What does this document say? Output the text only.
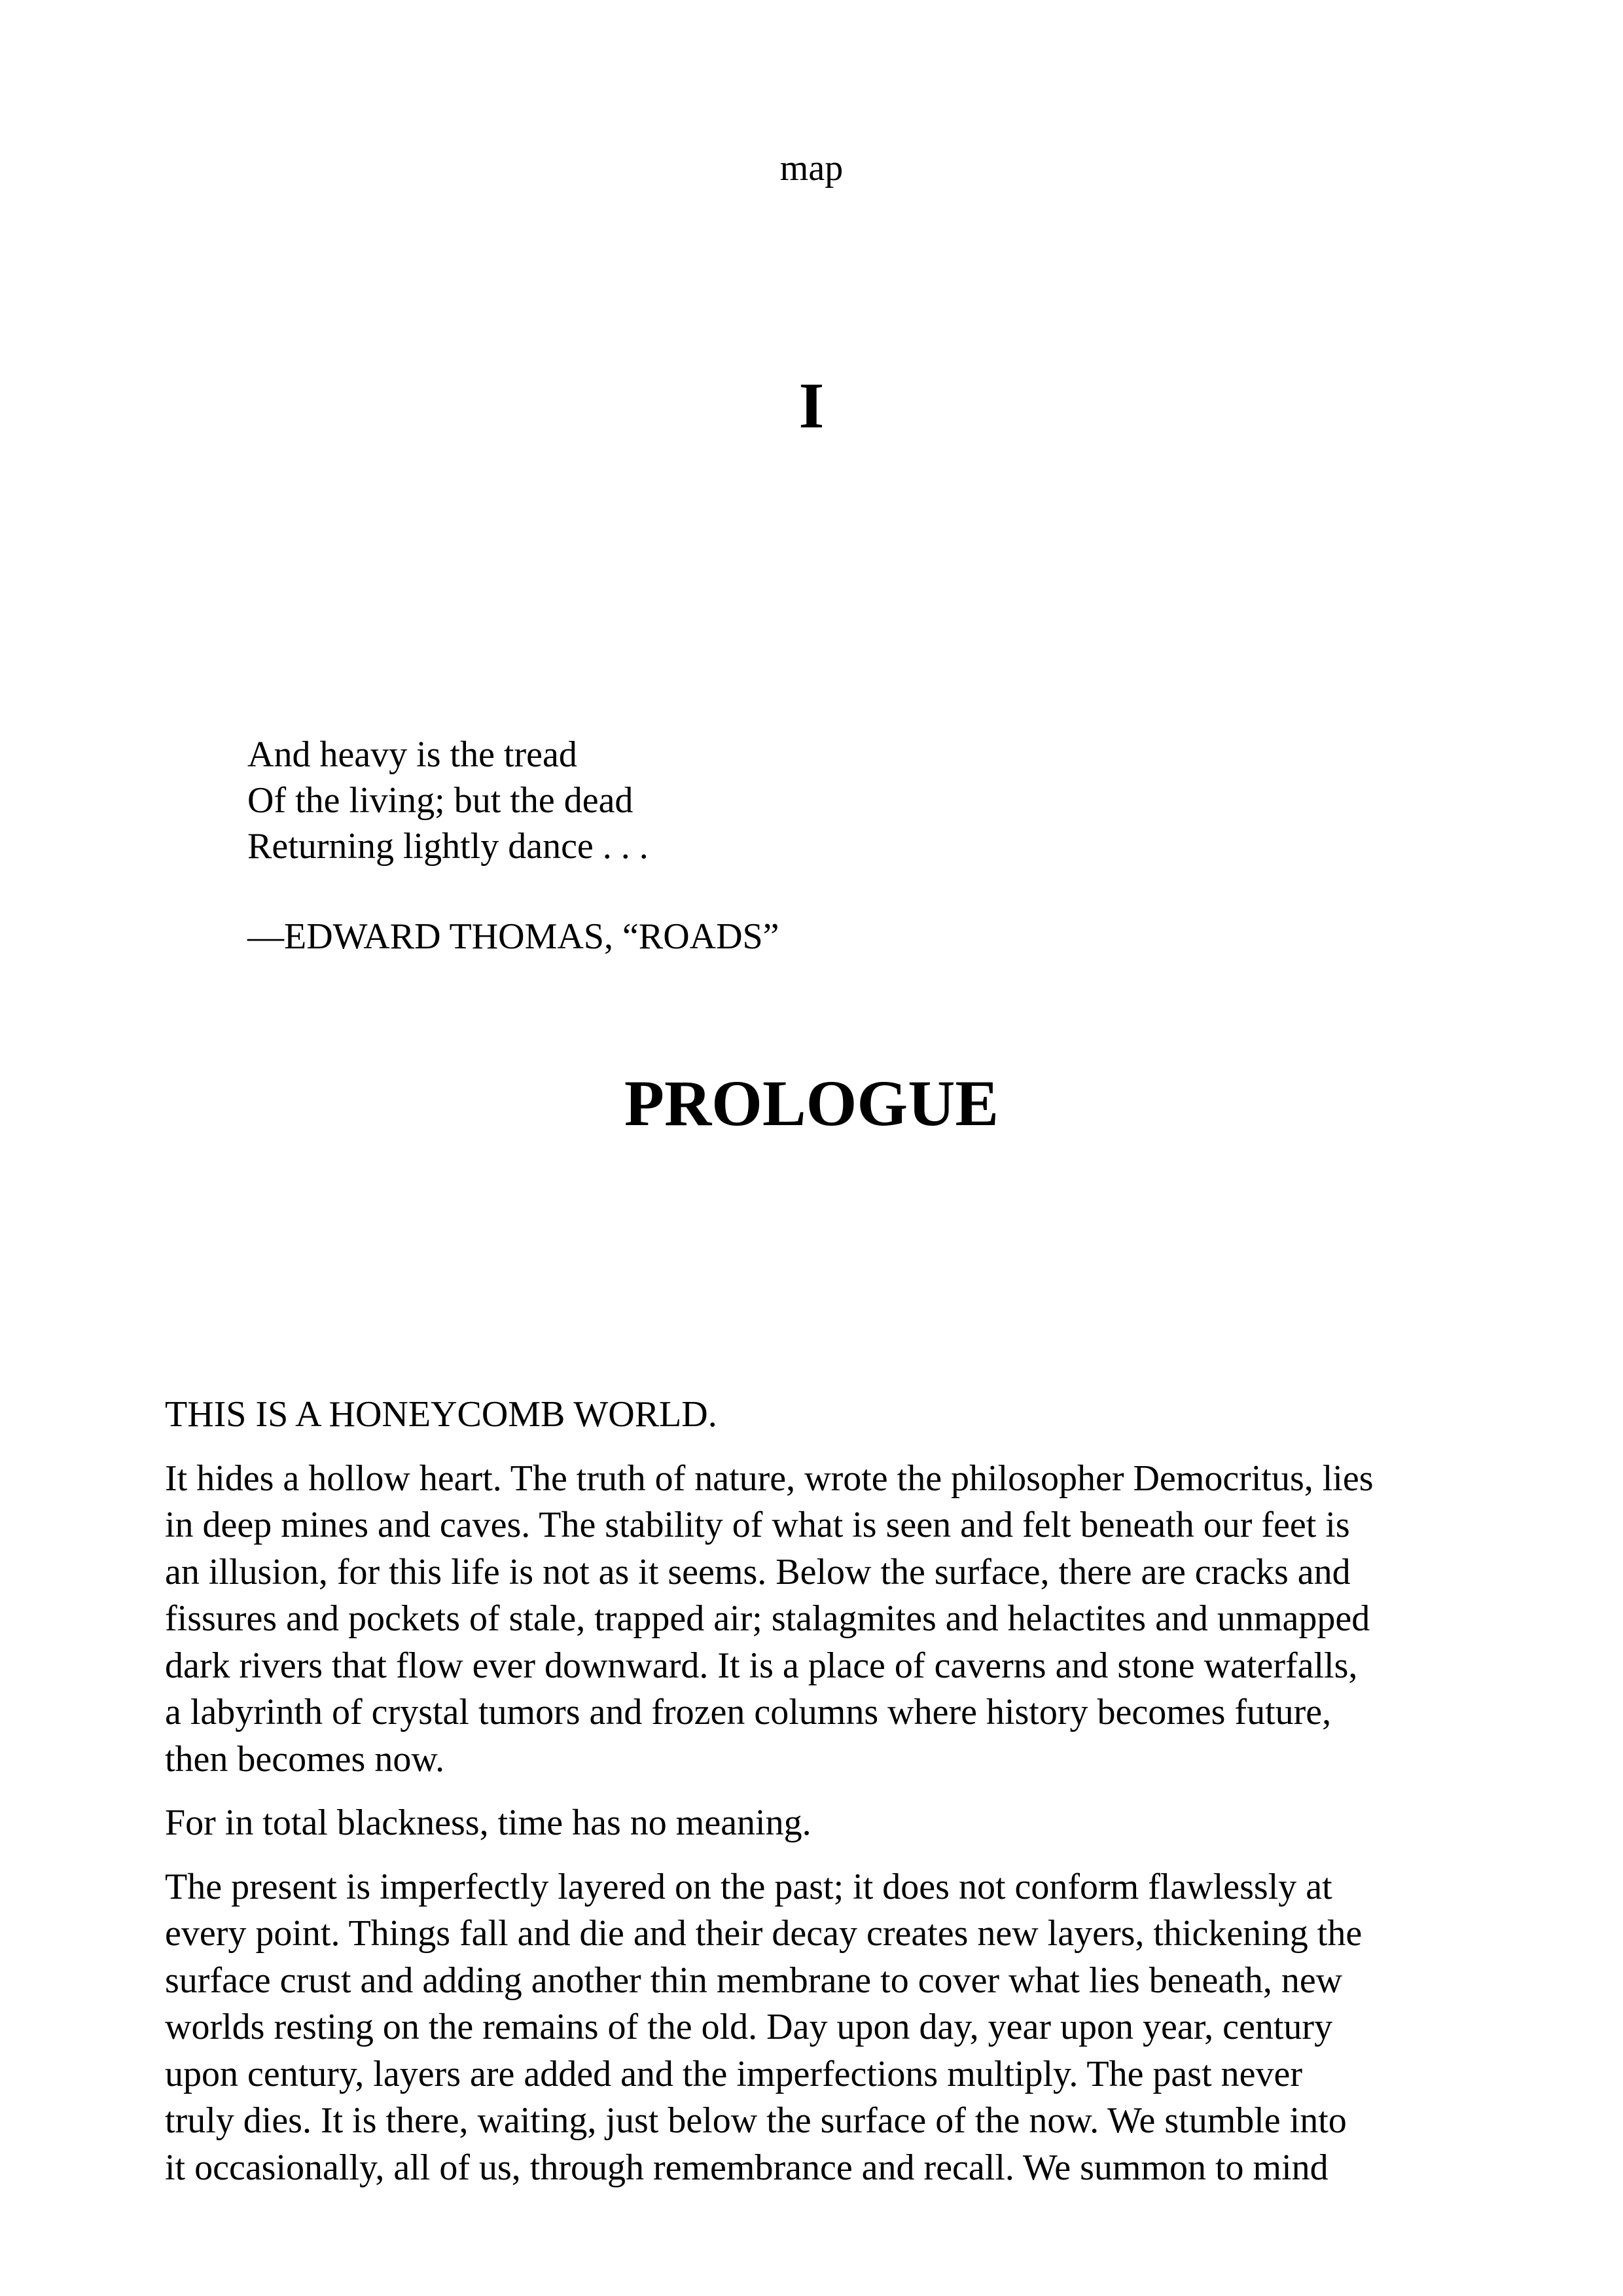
map
I
And heavy is the tread
Of the living; but the dead
Returning lightly dance . . .
—EDWARD THOMAS, “ROADS”
PROLOGUE

THIS IS A HONEYCOMB WORLD.

It hides a hollow heart. The truth of nature, wrote the philosopher Democritus, lies
in deep mines and caves. The stability of what is seen and felt beneath our feet is
an illusion, for this life is not as it seems. Below the surface, there are cracks and
fissures and pockets of stale, trapped air; stalagmites and helactites and unmapped
dark rivers that flow ever downward. It is a place of caverns and stone waterfalls,
a labyrinth of crystal tumors and frozen columns where history becomes future,
then becomes now.

For in total blackness, time has no meaning.

The present is imperfectly layered on the past; it does not conform flawlessly at
every point. Things fall and die and their decay creates new layers, thickening the
surface crust and adding another thin membrane to cover what lies beneath, new
worlds resting on the remains of the old. Day upon day, year upon year, century
upon century, layers are added and the imperfections multiply. The past never
truly dies. It is there, waiting, just below the surface of the now. We stumble into
it occasionally, all of us, through remembrance and recall. We summon to mind
